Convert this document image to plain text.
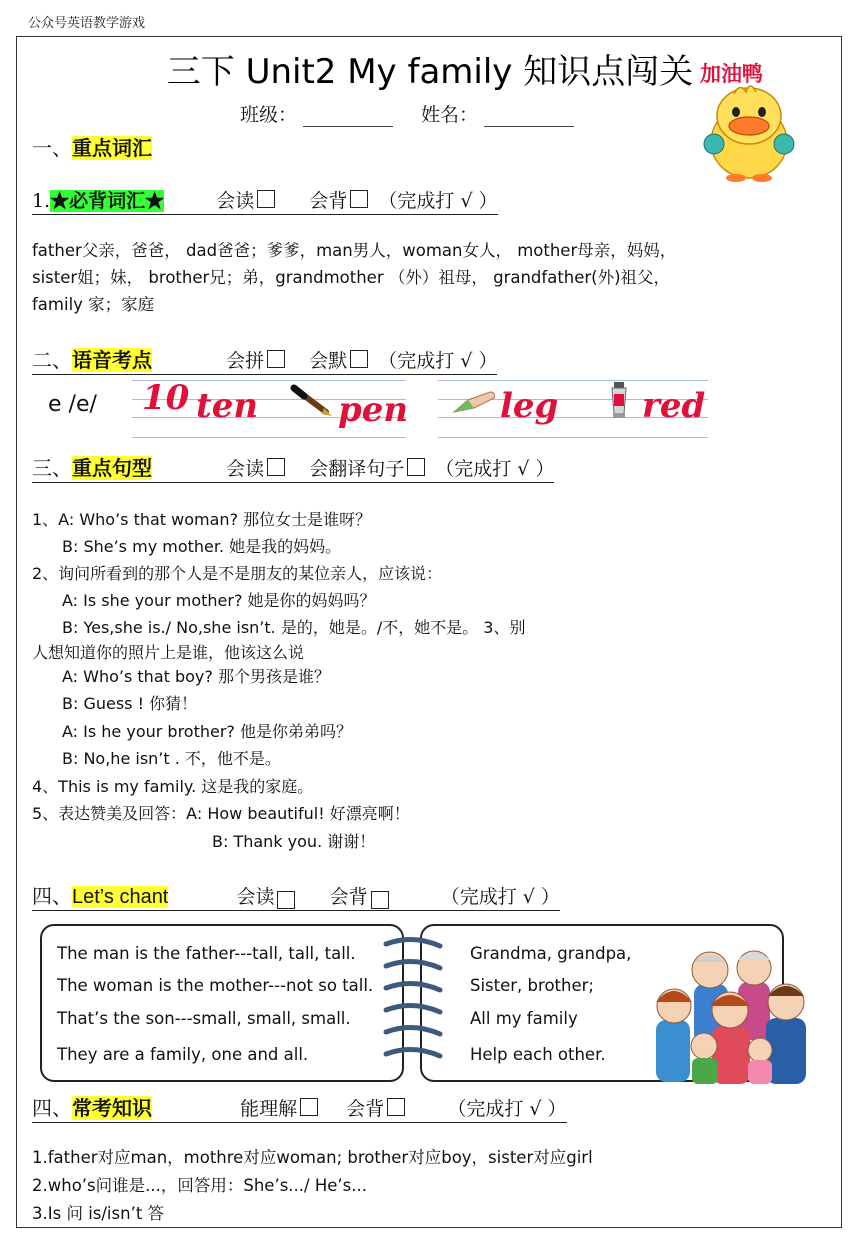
公众号英语教学游戏
三下 Unit2 My family 知识点闯关
班级：	姓名：
加油鸭
一、重点词汇
1.★必背词汇★	会读	会背 （完成打 √ ）
father父亲，爸爸， dad爸爸；爹爹，man男人，woman女人， mother母亲，妈妈，
sister姐；妹， brother兄；弟，grandmother （外）祖母， grandfather(外)祖父，
family 家；家庭
二、语音考点	会拼 会默 （完成打 √ ）
e /e/ 10 ten pen	leg red
三、重点句型	会读 会翻译句子 （完成打 √ ）
1、A: Who’s that woman? 那位女士是谁呀？
B: She’s my mother. 她是我的妈妈。
2、询问所看到的那个人是不是朋友的某位亲人，应该说：
A: Is she your mother? 她是你的妈妈吗？
B: Yes,she is./ No,she isn’t. 是的，她是。/不，她不是。 3、别
人想知道你的照片上是谁，他该这么说
A: Who’s that boy? 那个男孩是谁？
B: Guess ! 你猜！
A: Is he your brother? 他是你弟弟吗？
B: No,he isn’t . 不，他不是。
4、This is my family. 这是我的家庭。
5、表达赞美及回答：A: How beautiful! 好漂亮啊！
B: Thank you. 谢谢！
四、Let’s chant	会读	会背	（完成打 √ ）
The man is the father---tall, tall, tall.
The woman is the mother---not so tall.
That’s the son---small, small, small.
They are a family, one and all.
Grandma, grandpa,
Sister, brother;
All my family
Help each other.
四、常考知识	能理解	会背	（完成打 √ ）
1.father对应man，mothre对应woman; brother对应boy，sister对应girl
2.who’s问谁是...，回答用：She’s.../ He’s...
3.Is 问 is/isn’t 答
